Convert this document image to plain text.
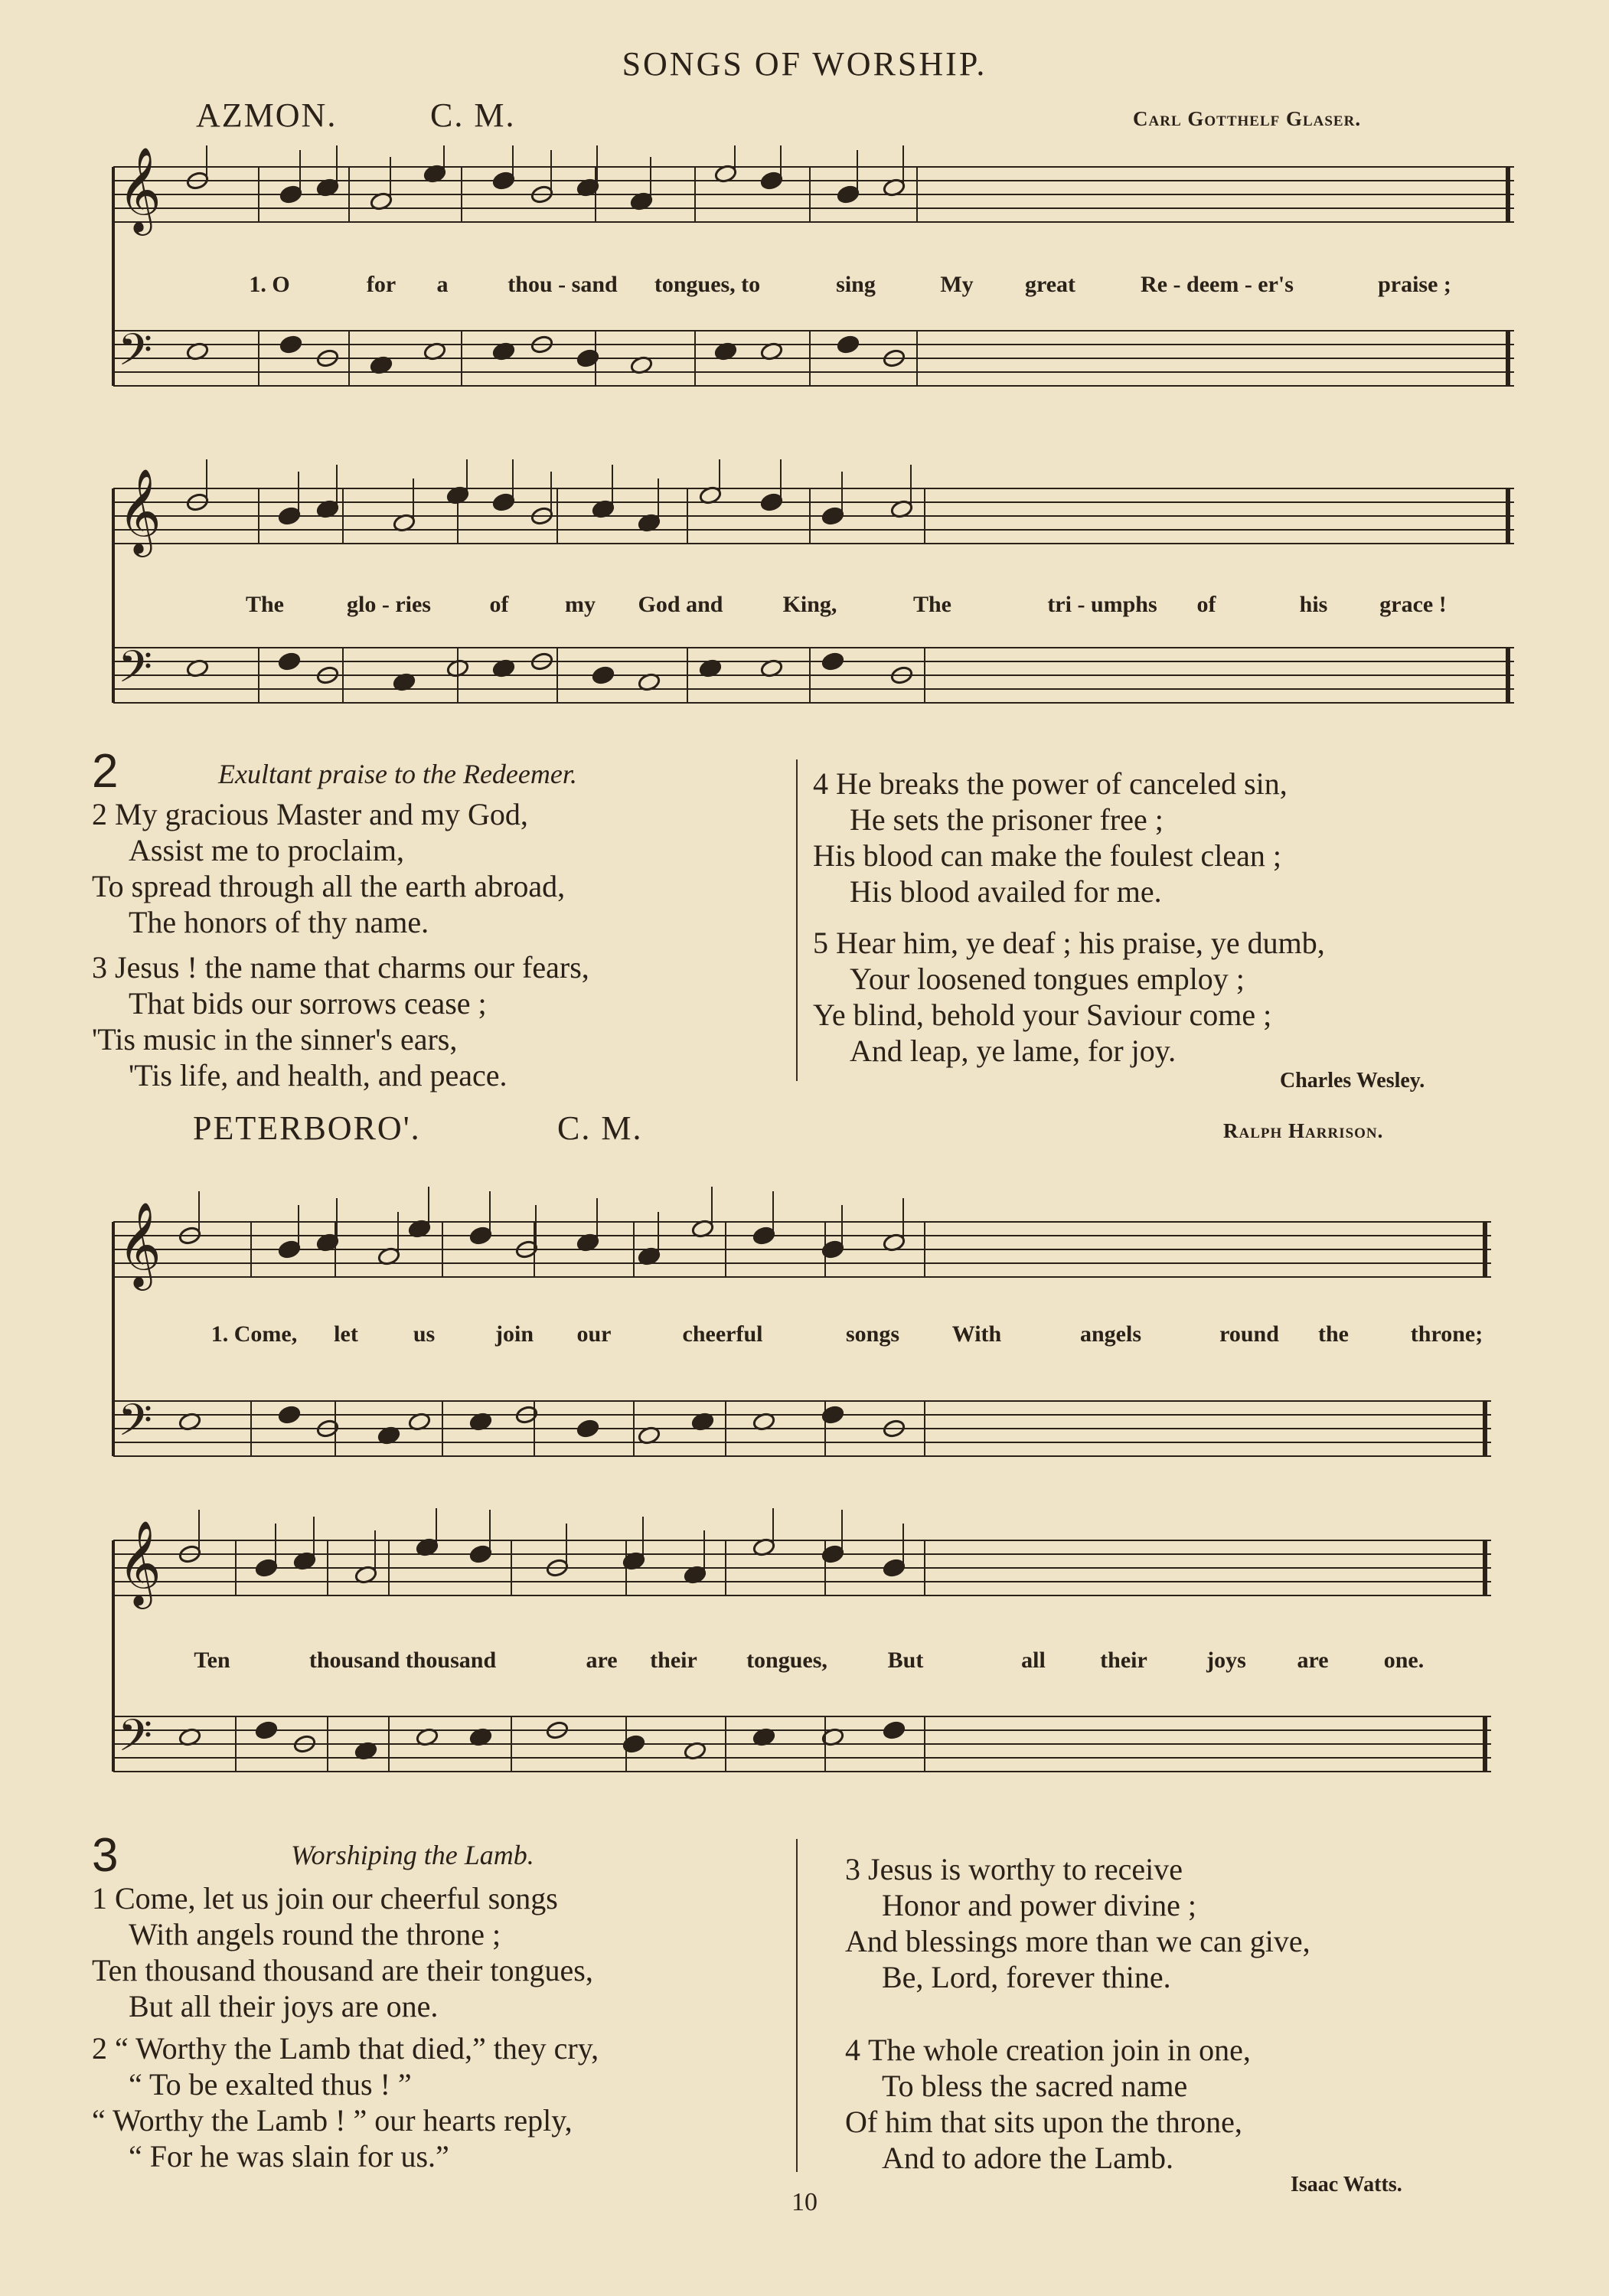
SONGS OF WORSHIP.
AZMON.	C. M.	Carl Gotthelf Glaser.
𝄞
𝄢
1. O	for a	thou - sand tongues, to	sing	My great	Re - deem - er's	praise ;
𝄞
𝄢
The	glo - ries	of my God and	King,	The	tri - umphs of	his grace !
2	Exultant praise to the Redeemer.
2 My gracious Master and my God,
Assist me to proclaim,
To spread through all the earth abroad,
The honors of thy name.
3 Jesus ! the name that charms our fears,
That bids our sorrows cease ;
'Tis music in the sinner's ears,
'Tis life, and health, and peace.
4 He breaks the power of canceled sin,
He sets the prisoner free ;
His blood can make the foulest clean ;
His blood availed for me.
5 Hear him, ye deaf ; his praise, ye dumb,
Your loosened tongues employ ;
Ye blind, behold your Saviour come ;
And leap, ye lame, for joy.
Charles Wesley.
PETERBORO'.	C. M.	Ralph Harrison.
𝄞
𝄢
1. Come, let us	join our	cheerful	songs With	angels	round the	throne;
𝄞
𝄢
Ten	thousand thousand	are their tongues,	But	all their	joys are one.
3	Worshiping the Lamb.
1 Come, let us join our cheerful songs
With angels round the throne ;
Ten thousand thousand are their tongues,
But all their joys are one.
2 “ Worthy the Lamb that died,” they cry,
“ To be exalted thus ! ”
“ Worthy the Lamb ! ” our hearts reply,
“ For he was slain for us.”
3 Jesus is worthy to receive
Honor and power divine ;
And blessings more than we can give,
Be, Lord, forever thine.
4 The whole creation join in one,
To bless the sacred name
Of him that sits upon the throne,
And to adore the Lamb.
Isaac Watts.
10
